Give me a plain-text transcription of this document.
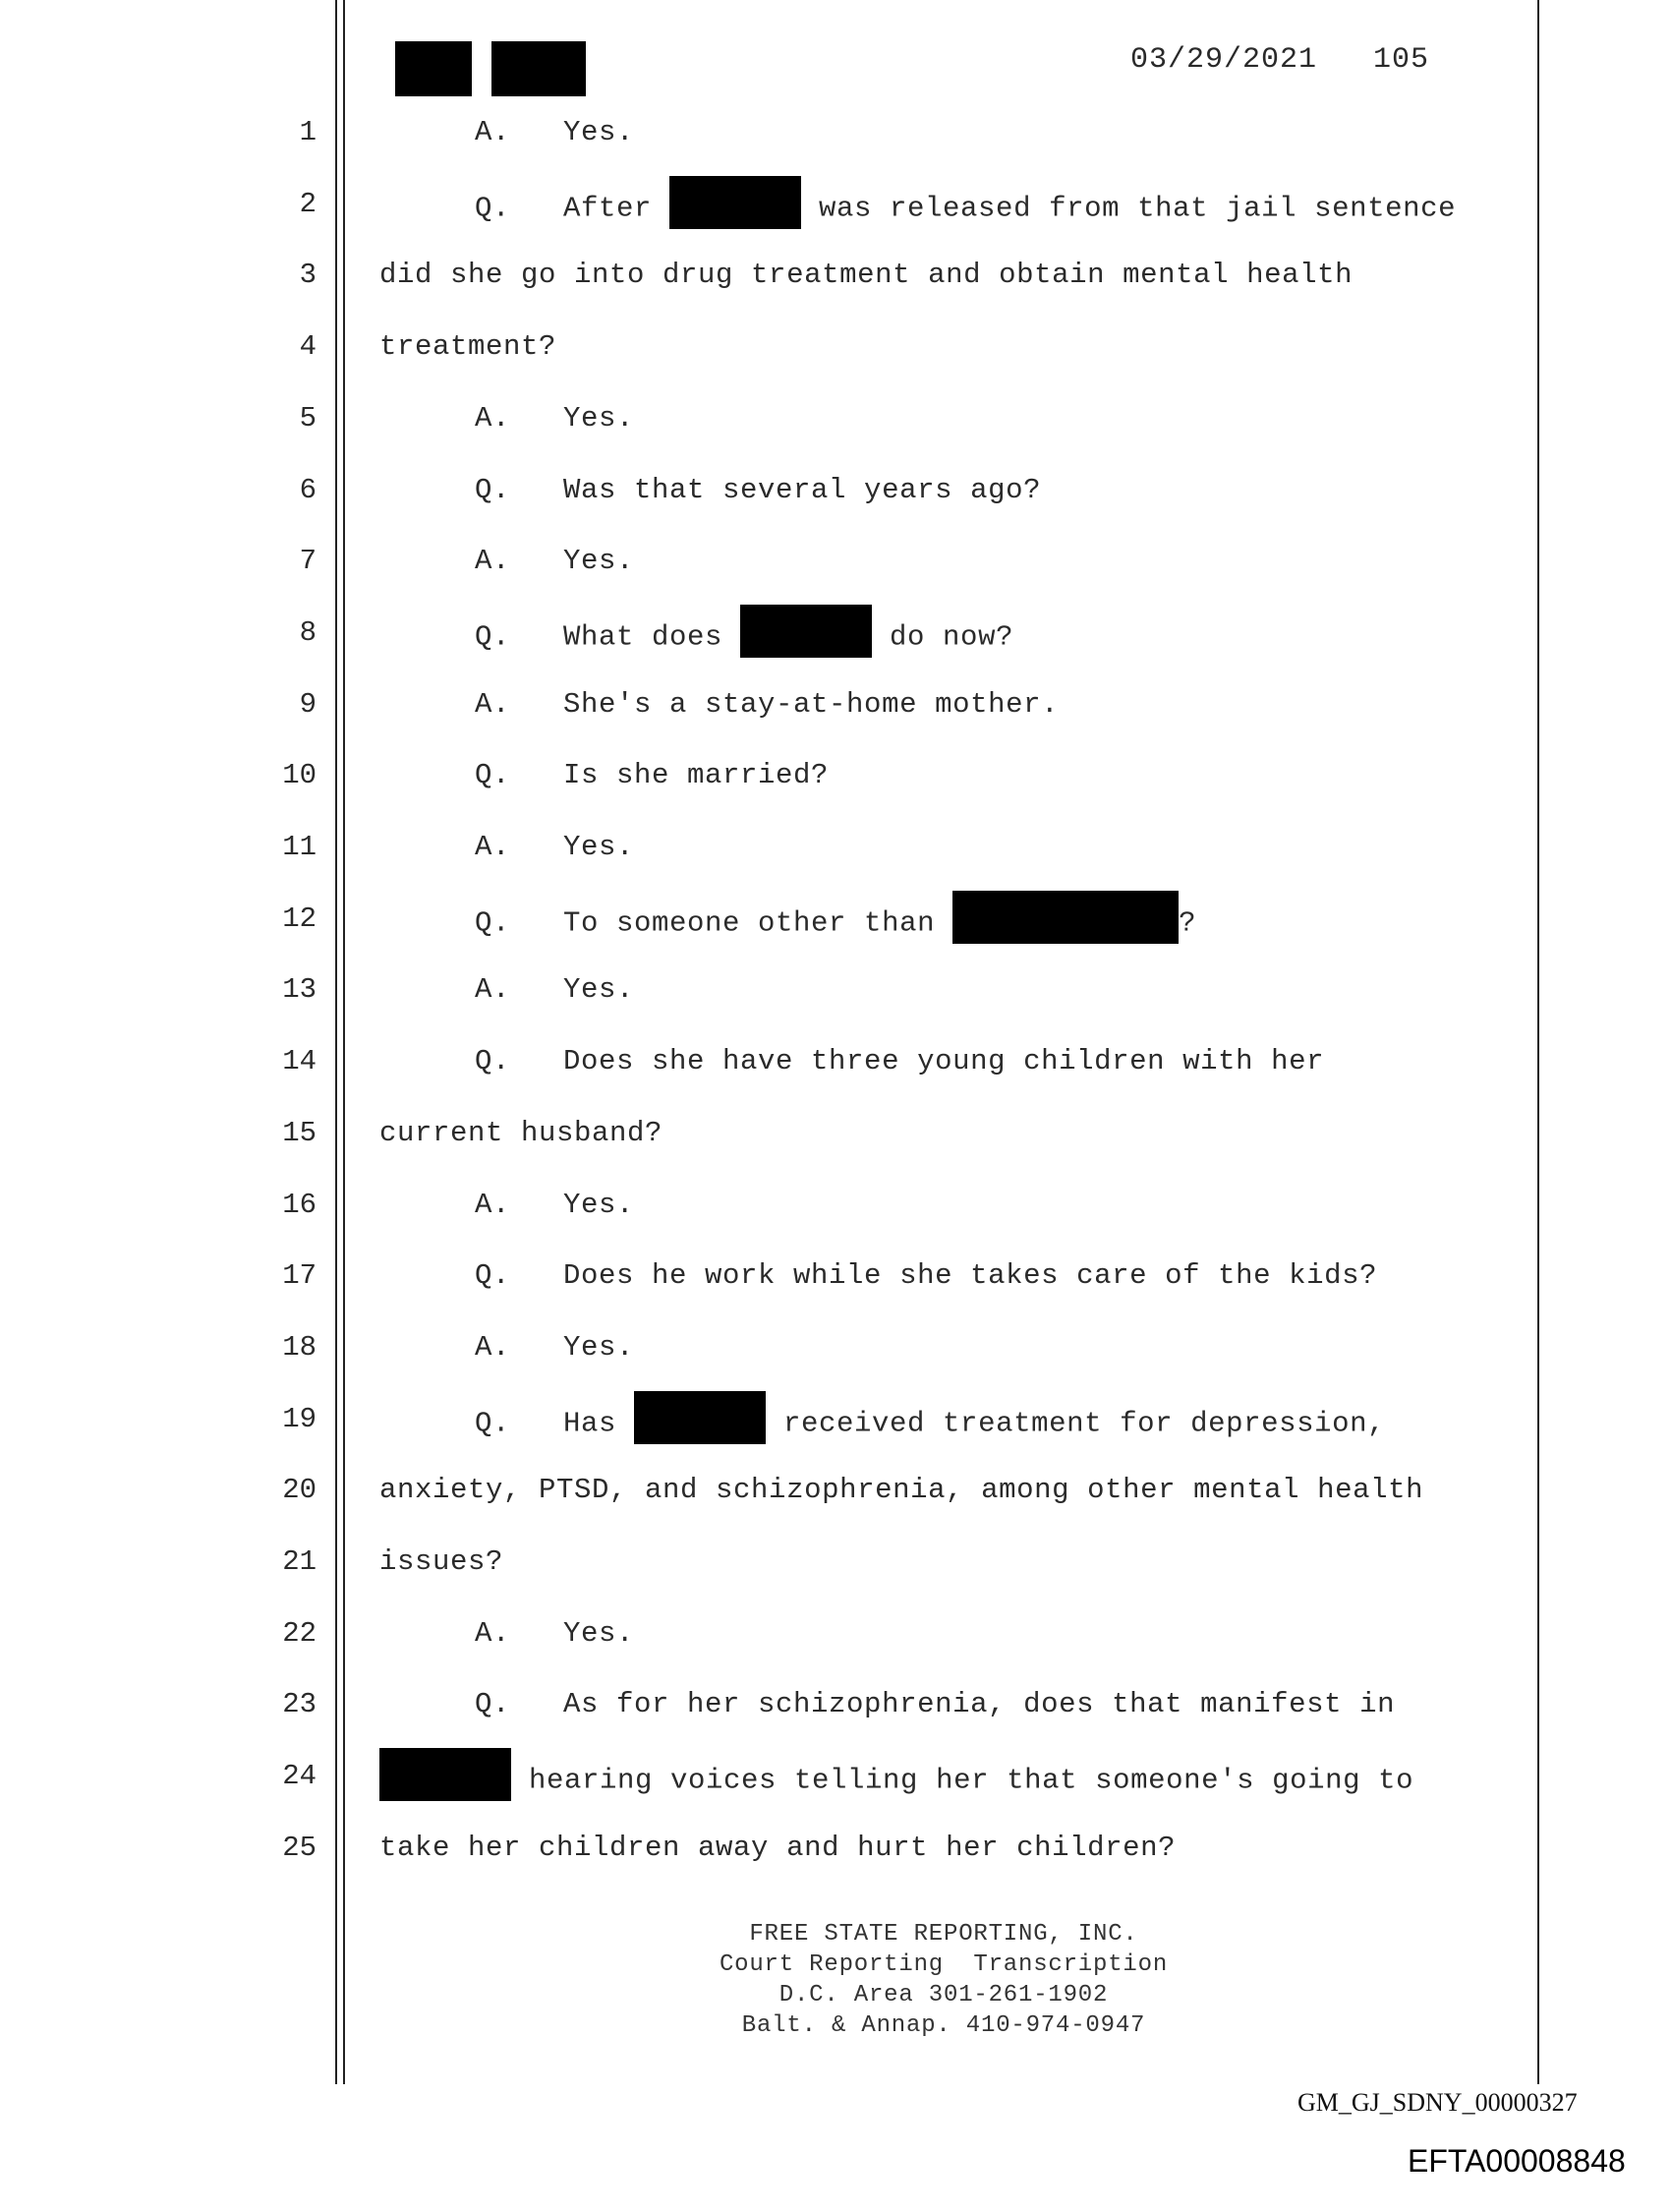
03/29/2021 105
1	A.   Yes.
2	Q.   After	was released from that jail sentence
3 did she go into drug treatment and obtain mental health
4 treatment?
5	A.   Yes.
6	Q.   Was that several years ago?
7	A.   Yes.
8	Q.   What does	do now?
9	A.   She's a stay-at-home mother.
10	Q.   Is she married?
11	A.   Yes.
12	Q.   To someone other than	?
13	A.   Yes.
14	Q.   Does she have three young children with her
15 current husband?
16	A.   Yes.
17	Q.   Does he work while she takes care of the kids?
18	A.   Yes.
19	Q.   Has	received treatment for depression,
20 anxiety, PTSD, and schizophrenia, among other mental health
21 issues?
22	A.   Yes.
23	Q.   As for her schizophrenia, does that manifest in
24	hearing voices telling her that someone's going to
25 take her children away and hurt her children?
FREE STATE REPORTING, INC.
Court Reporting  Transcription
D.C. Area 301-261-1902
Balt. & Annap. 410-974-0947
GM_GJ_SDNY_00000327
EFTA00008848
